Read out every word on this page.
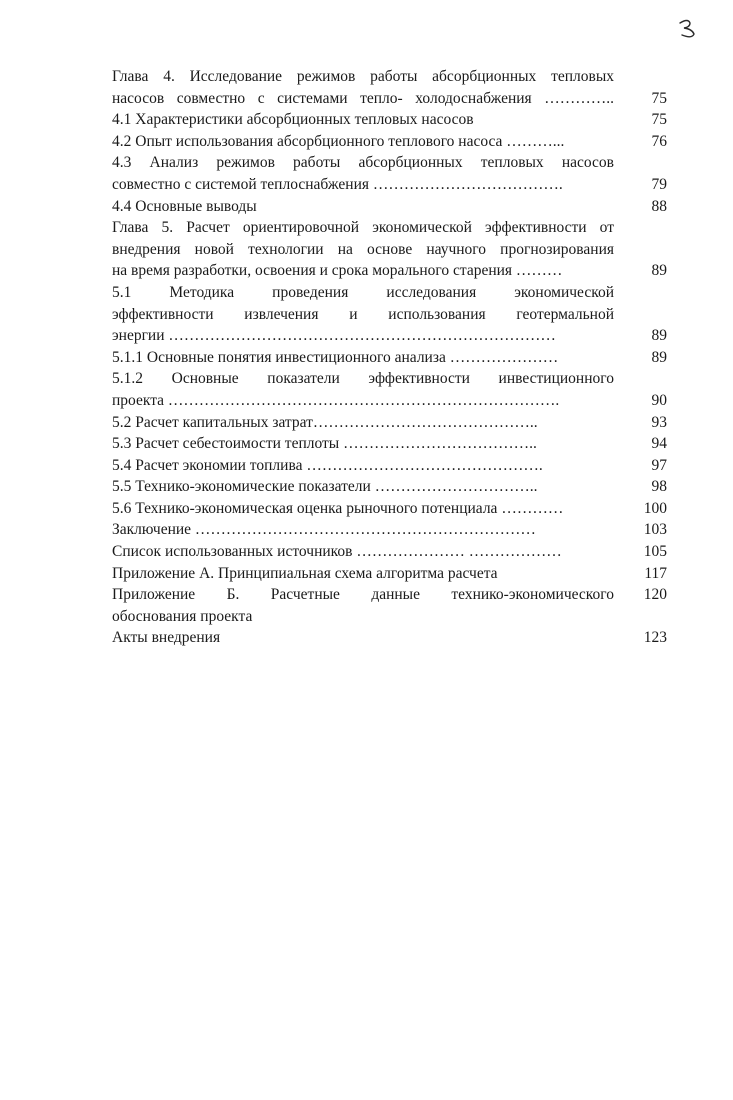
Глава 4. Исследование режимов работы абсорбционных тепловых
насосов совместно с системами тепло- холодоснабжения …………..	75
4.1 Характеристики абсорбционных тепловых насосов	75
4.2 Опыт использования абсорбционного теплового насоса ………...	76
4.3 Анализ режимов работы абсорбционных тепловых насосов
совместно с системой теплоснабжения ……………………………….	79
4.4 Основные выводы	88
Глава 5. Расчет ориентировочной экономической эффективности от
внедрения новой технологии на основе научного прогнозирования
на время разработки, освоения и срока морального старения ………	89
5.1 Методика проведения исследования экономической
эффективности извлечения и использования геотермальной
энергии …………………………………………………………………	89
5.1.1 Основные понятия инвестиционного анализа …………………	89
5.1.2 Основные показатели эффективности инвестиционного
проекта ………………………………………………………………….	90
5.2 Расчет капитальных затрат……………………………………..	93
5.3 Расчет себестоимости теплоты ………………………………..	94
5.4 Расчет экономии топлива ……………………………………….	97
5.5 Технико-экономические показатели …………………………..	98
5.6 Технико-экономическая оценка рыночного потенциала …………	100
Заключение …………………………………………………………	103
Список использованных источников ………………… ………………	105
Приложение А. Принципиальная схема алгоритма расчета	117
Приложение Б. Расчетные данные технико-экономического	120
обоснования проекта
Акты внедрения	123
